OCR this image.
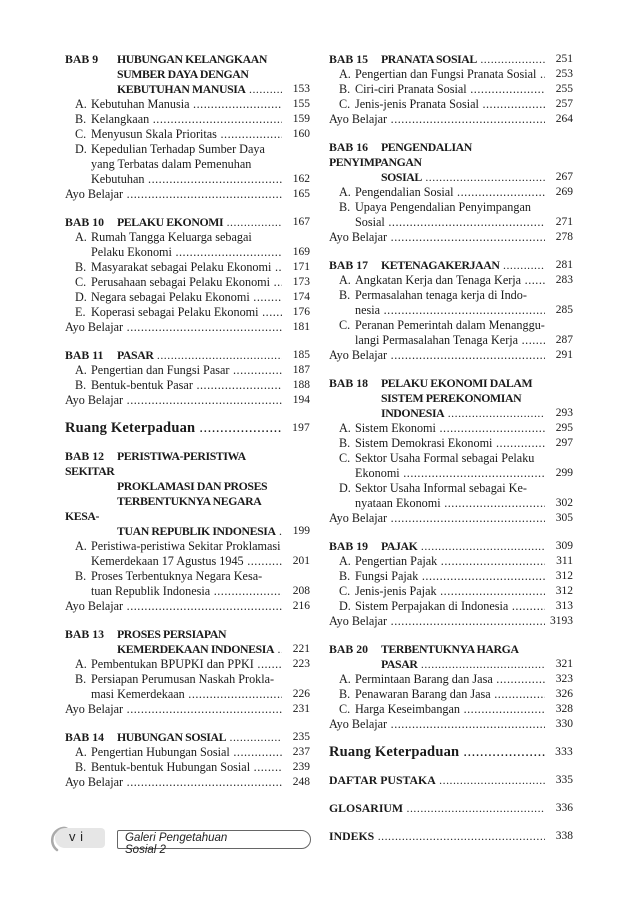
BAB 9 HUBUNGAN KELANGKAAN
SUMBER DAYA DENGAN
KEBUTUHAN MANUSIA .....	153
A. Kebutuhan Manusia .....	155
B. Kelangkaan .....	159
C. Menyusun Skala Prioritas .....	160
D. Kepedulian Terhadap Sumber Daya
yang Terbatas dalam Pemenuhan
Kebutuhan .....	162
Ayo Belajar .....	165
BAB 10 PELAKU EKONOMI .....	167
A. Rumah Tangga Keluarga sebagai
Pelaku Ekonomi .....	169
B. Masyarakat sebagai Pelaku Ekonomi .....	171
C. Perusahaan sebagai Pelaku Ekonomi .....	173
D. Negara sebagai Pelaku Ekonomi .....	174
E. Koperasi sebagai Pelaku Ekonomi .....	176
Ayo Belajar .....	181
BAB 11 PASAR .....	185
A. Pengertian dan Fungsi Pasar .....	187
B. Bentuk-bentuk Pasar .....	188
Ayo Belajar .....	194
Ruang Keterpaduan .....	197
BAB 12 PERISTIWA-PERISTIWA SEKITAR
PROKLAMASI DAN PROSES
TERBENTUKNYA NEGARA KESA-
TUAN REPUBLIK INDONESIA .....	199
A. Peristiwa-peristiwa Sekitar Proklamasi
Kemerdekaan 17 Agustus 1945 .....	201
B. Proses Terbentuknya Negara Kesa-
tuan Republik Indonesia .....	208
Ayo Belajar .....	216
BAB 13 PROSES PERSIAPAN
KEMERDEKAAN INDONESIA .....	221
A. Pembentukan BPUPKI dan PPKI .....	223
B. Persiapan Perumusan Naskah Prokla-
masi Kemerdekaan .....	226
Ayo Belajar .....	231
BAB 14 HUBUNGAN SOSIAL .....	235
A. Pengertian Hubungan Sosial .....	237
B. Bentuk-bentuk Hubungan Sosial .....	239
Ayo Belajar .....	248
BAB 15 PRANATA SOSIAL .....	251
A. Pengertian dan Fungsi Pranata Sosial .....	253
B. Ciri-ciri Pranata Sosial .....	255
C. Jenis-jenis Pranata Sosial .....	257
Ayo Belajar .....	264
BAB 16 PENGENDALIAN PENYIMPANGAN
SOSIAL .....	267
A. Pengendalian Sosial .....	269
B. Upaya Pengendalian Penyimpangan
Sosial .....	271
Ayo Belajar .....	278
BAB 17 KETENAGAKERJAAN .....	281
A. Angkatan Kerja dan Tenaga Kerja .....	283
B. Permasalahan tenaga kerja di Indo-
nesia .....	285
C. Peranan Pemerintah dalam Menanggu-
langi Permasalahan Tenaga Kerja .....	287
Ayo Belajar .....	291
BAB 18 PELAKU EKONOMI DALAM
SISTEM PEREKONOMIAN
INDONESIA .....	293
A. Sistem Ekonomi .....	295
B. Sistem Demokrasi Ekonomi .....	297
C. Sektor Usaha Formal sebagai Pelaku
Ekonomi .....	299
D. Sektor Usaha Informal sebagai Ke-
nyataan Ekonomi .....	302
Ayo Belajar .....	305
BAB 19 PAJAK .....	309
A. Pengertian Pajak .....	311
B. Fungsi Pajak .....	312
C. Jenis-jenis Pajak .....	312
D. Sistem Perpajakan di Indonesia .....	313
Ayo Belajar .....	3193
BAB 20 TERBENTUKNYA HARGA
PASAR .....	321
A. Permintaan Barang dan Jasa .....	323
B. Penawaran Barang dan Jasa .....	326
C. Harga Keseimbangan .....	328
Ayo Belajar .....	330
Ruang Keterpaduan .....	333
DAFTAR PUSTAKA .....	335
GLOSARIUM .....	336
INDEKS .....	338
v i	Galeri Pengetahuan Sosial 2
